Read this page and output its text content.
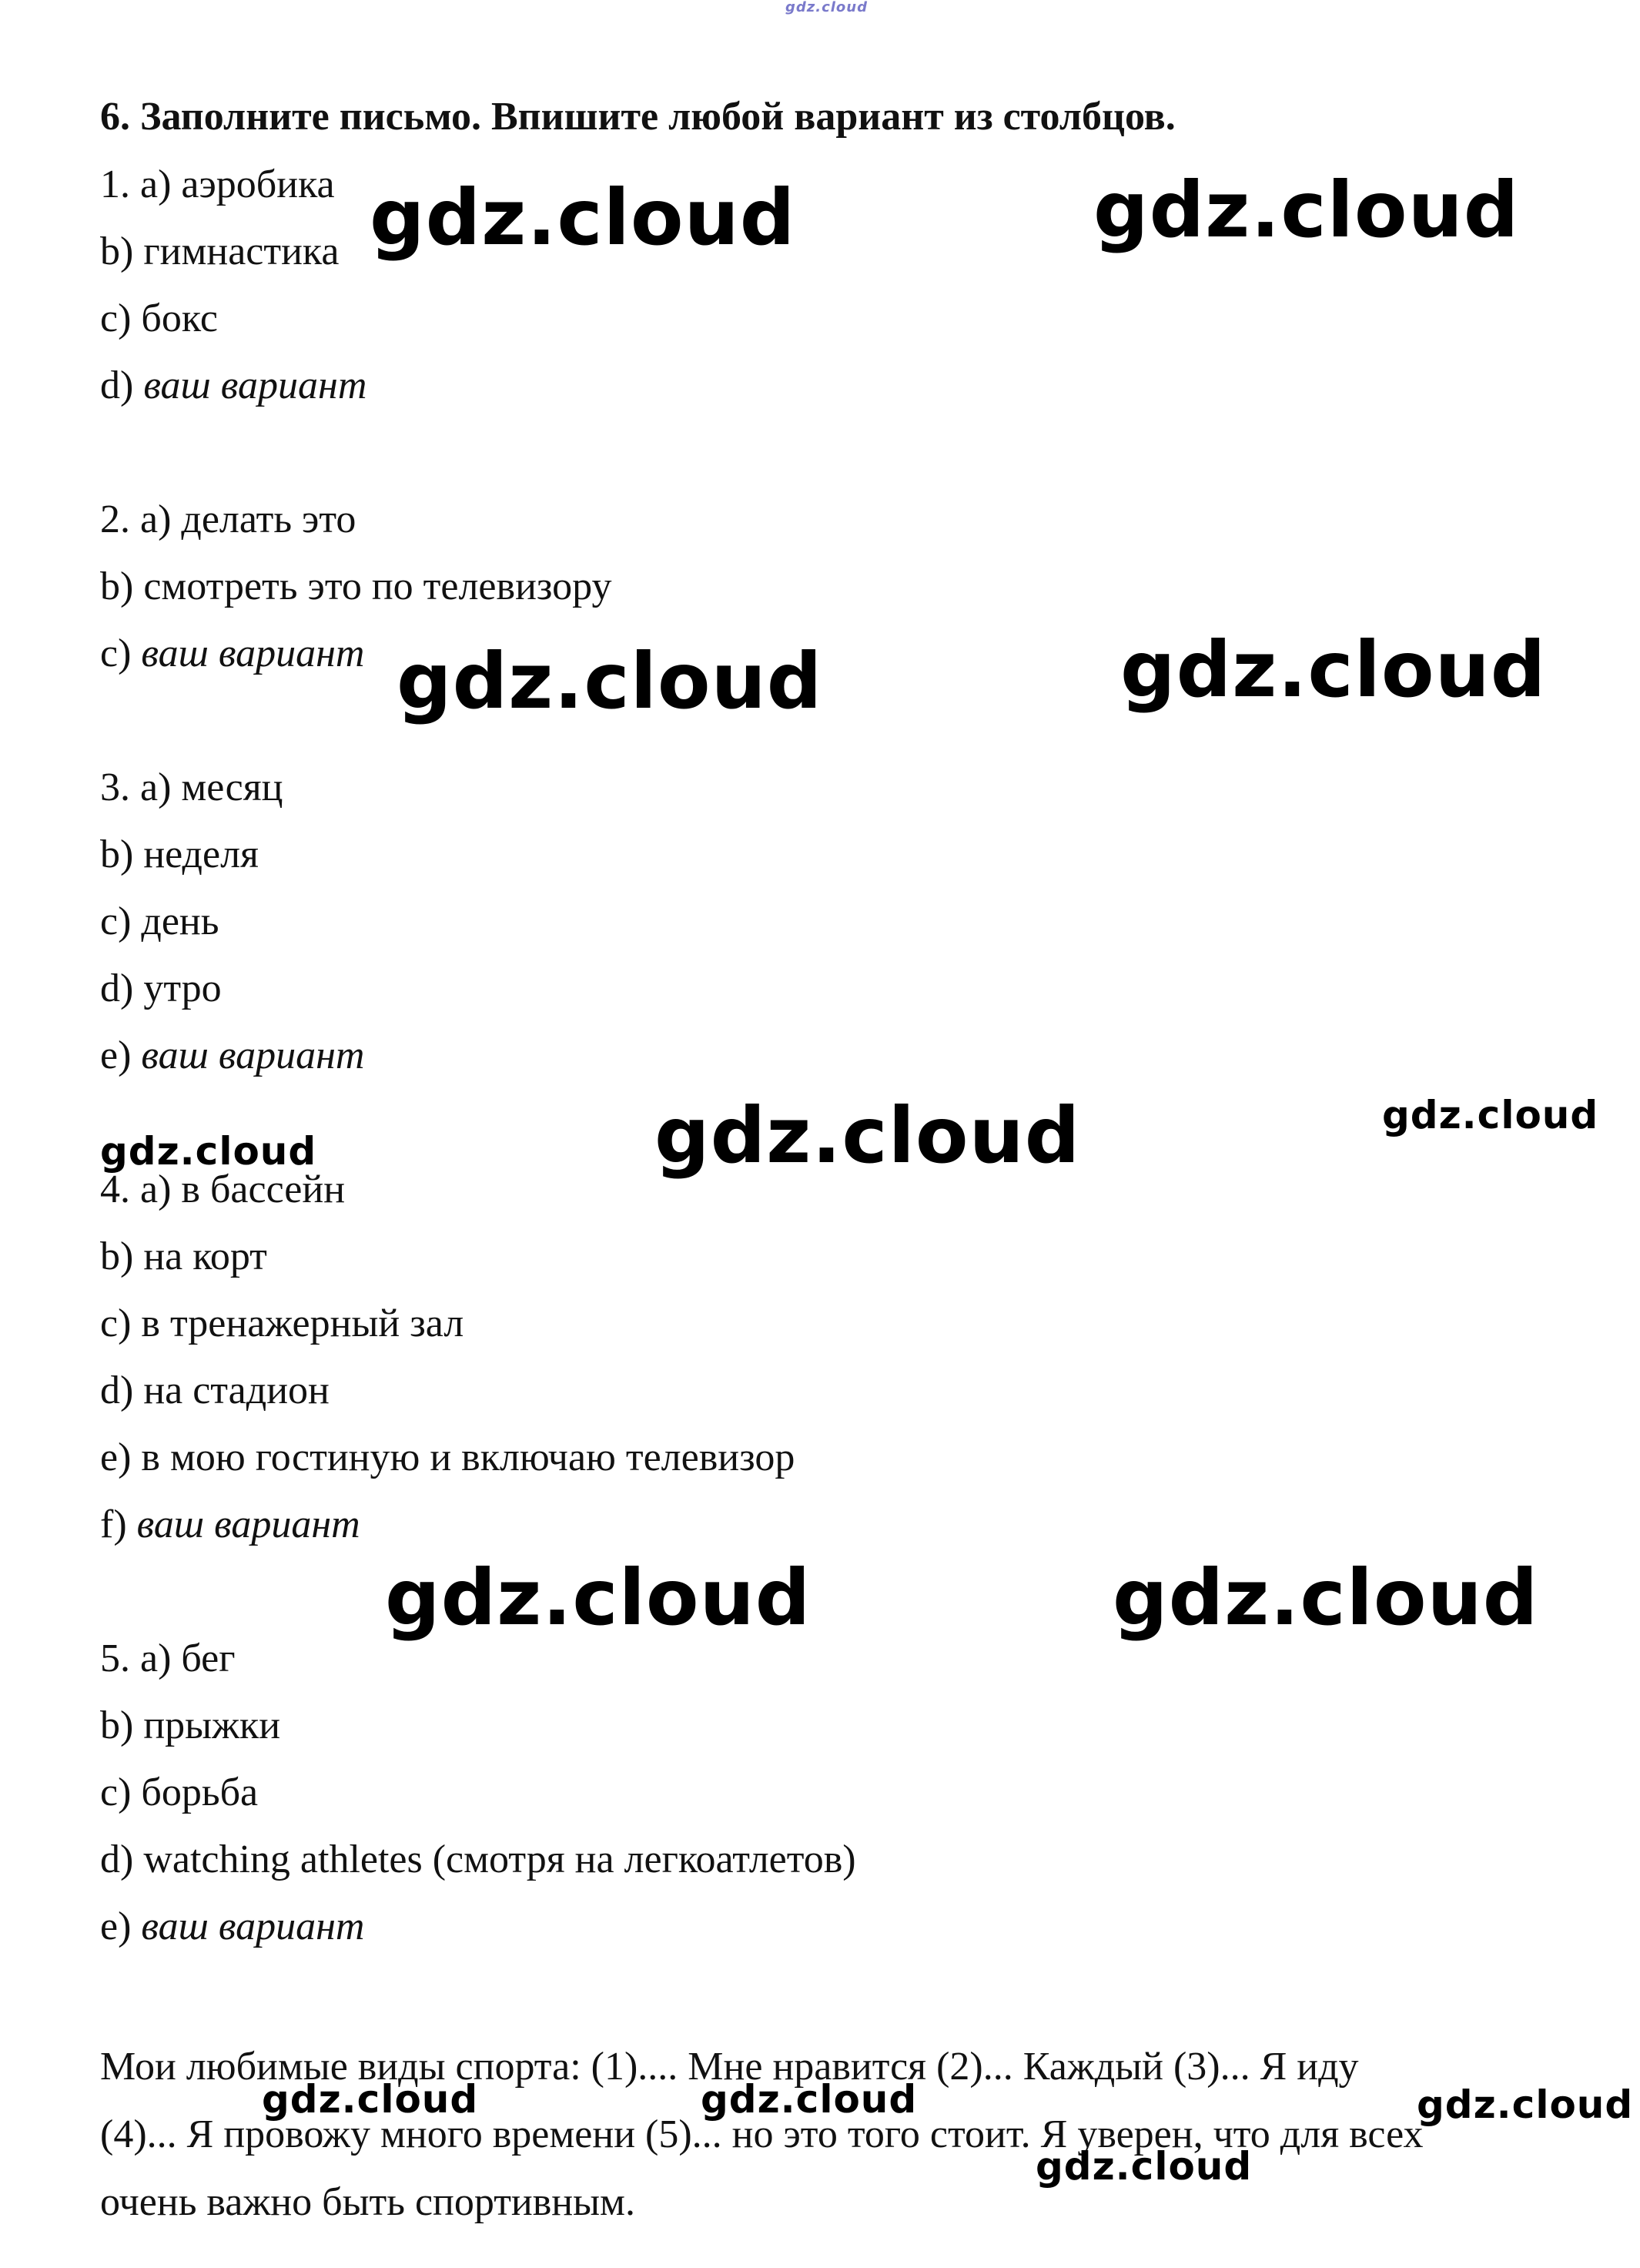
gdz.cloud
6. Заполните письмо. Впишите любой вариант из столбцов.
1. a) аэробика
b) гимнастика
c) бокс
d) ваш вариант
2. a) делать это
b) смотреть это по телевизору
c) ваш вариант
3. a) месяц
b) неделя
c) день
d) утро
e) ваш вариант
4. a) в бассейн
b) на корт
c) в тренажерный зал
d) на стадион
e) в мою гостиную и включаю телевизор
f) ваш вариант
5. a) бег
b) прыжки
c) борьба
d) watching athletes (смотря на легкоатлетов)
e) ваш вариант
Мои любимые виды спорта: (1).... Мне нравится (2)... Каждый (3)... Я иду
(4)... Я провожу много времени (5)... но это того стоит. Я уверен, что для всех
очень важно быть спортивным.
gdz.cloud	gdz.cloud
gdz.cloud	gdz.cloud
gdz.cloud	gdz.cloud
gdz.cloud
gdz.cloud	gdz.cloud
gdz.cloud	gdz.cloud	gdz.cloud
gdz.cloud
